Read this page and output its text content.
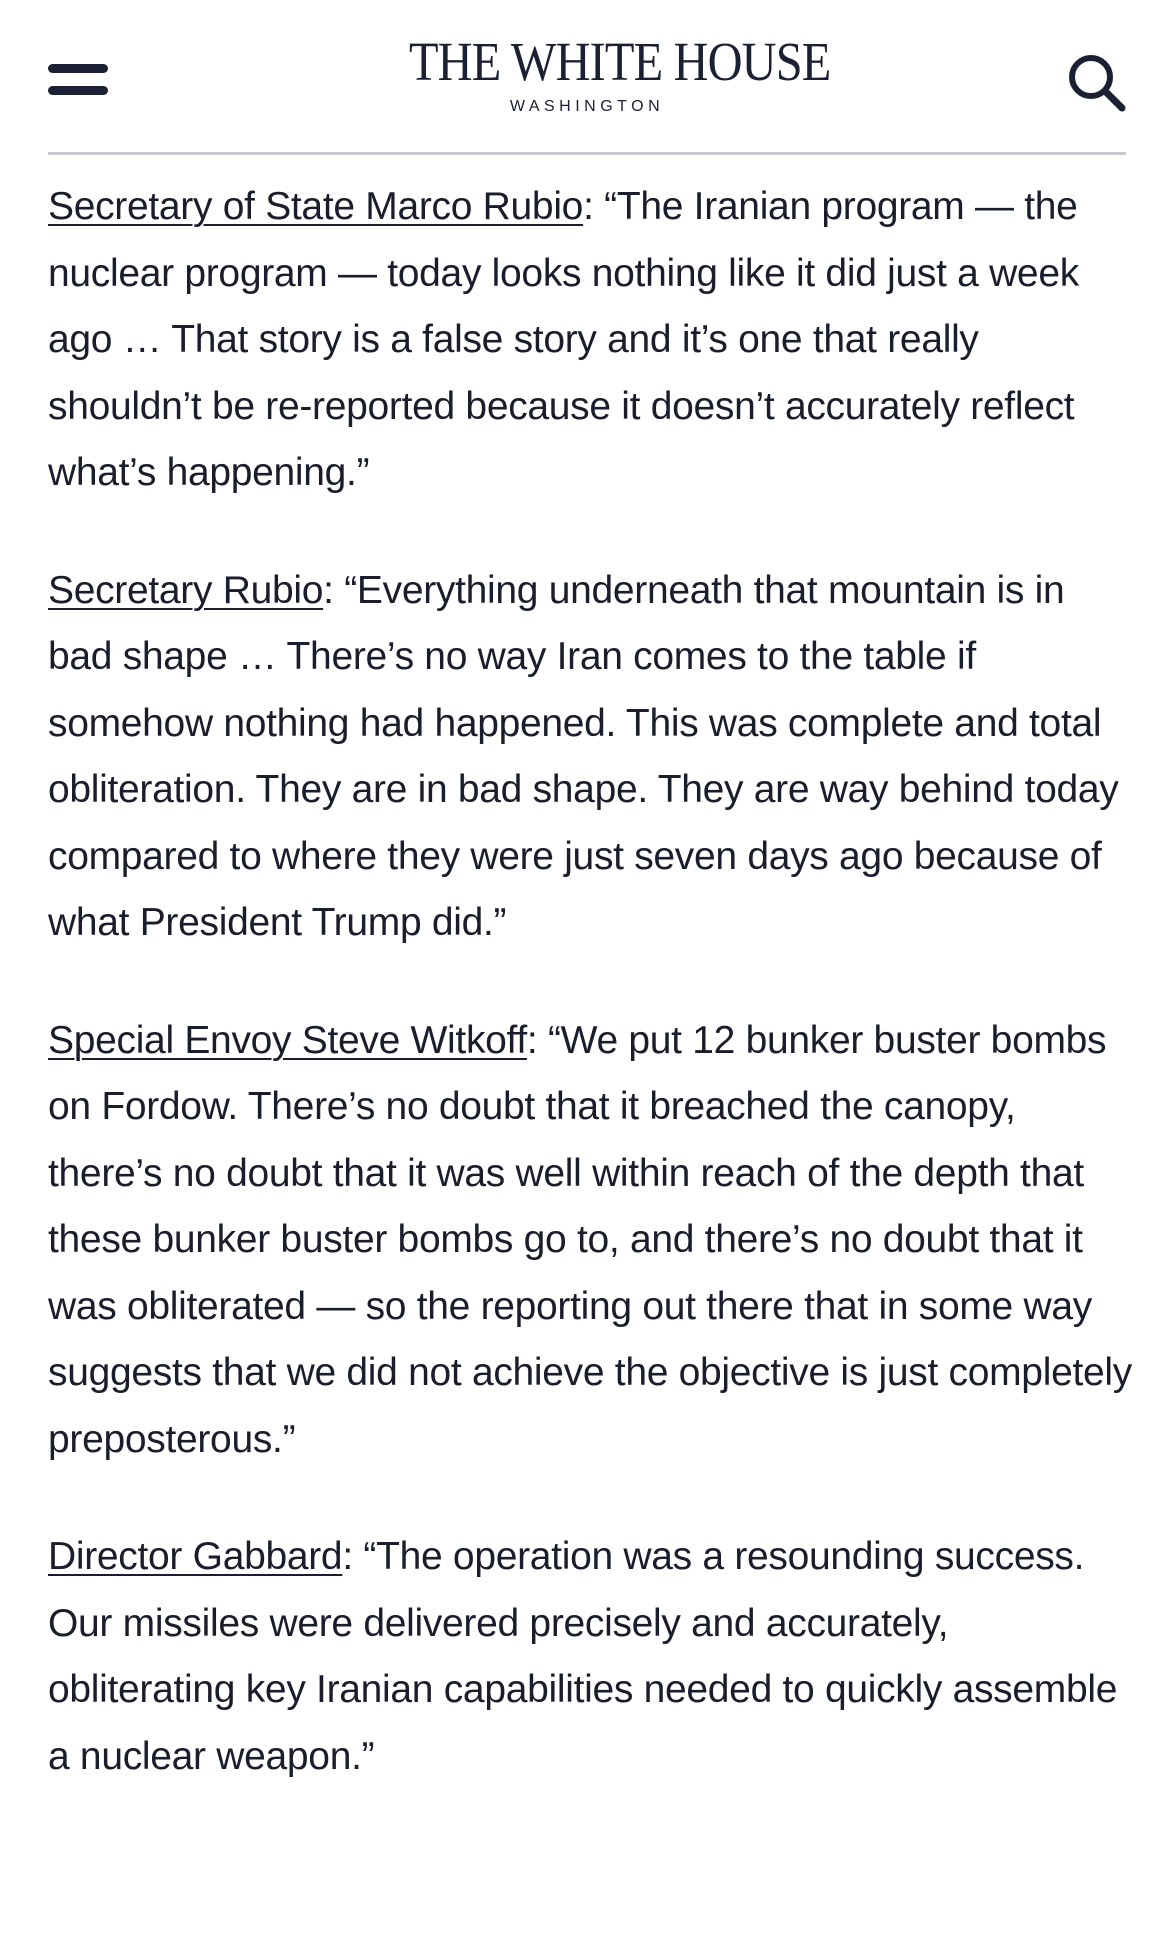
THE WHITE HOUSE
WASHINGTON

Secretary of State Marco Rubio: “The Iranian program — the nuclear program — today looks nothing like it did just a week ago … That story is a false story and it’s one that really shouldn’t be re-reported because it doesn’t accurately reflect what’s happening.”

Secretary Rubio: “Everything underneath that mountain is in bad shape … There’s no way Iran comes to the table if somehow nothing had happened. This was complete and total obliteration. They are in bad shape. They are way behind today compared to where they were just seven days ago because of what President Trump did.”

Special Envoy Steve Witkoff: “We put 12 bunker buster bombs on Fordow. There’s no doubt that it breached the canopy, there’s no doubt that it was well within reach of the depth that these bunker buster bombs go to, and there’s no doubt that it was obliterated — so the reporting out there that in some way suggests that we did not achieve the objective is just completely preposterous.”

Director Gabbard: “The operation was a resounding success. Our missiles were delivered precisely and accurately, obliterating key Iranian capabilities needed to quickly assemble a nuclear weapon.”
